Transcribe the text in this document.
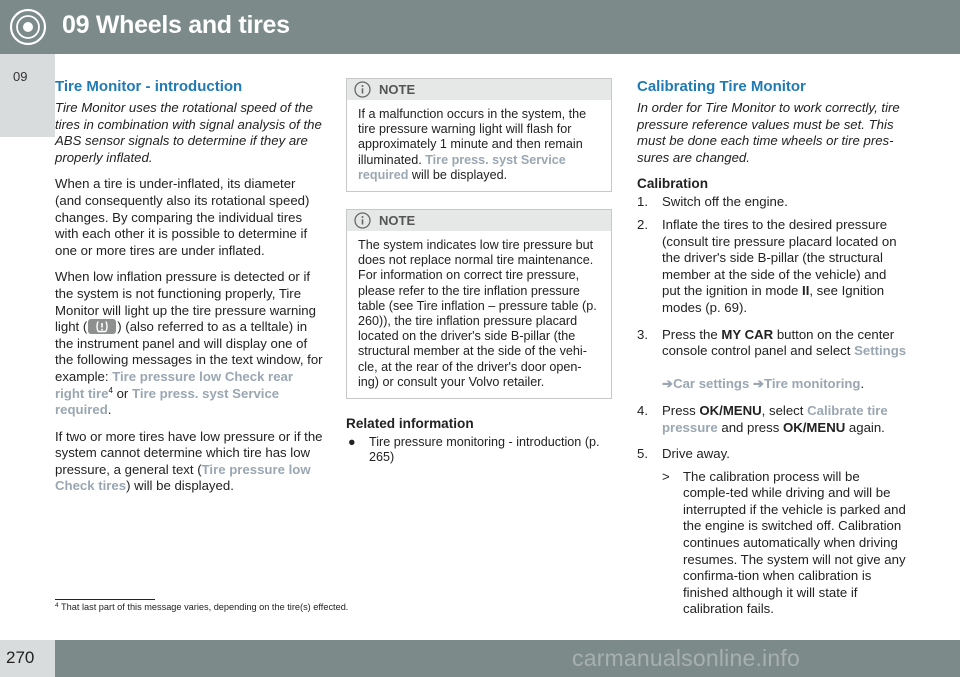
09 Wheels and tires
09
Tire Monitor - introduction

Tire Monitor uses the rotational speed of the tires in combination with signal analysis of the ABS sensor signals to determine if they are properly inflated.

When a tire is under-inflated, its diameter (and consequently also its rotational speed) changes. By comparing the individual tires with each other it is possible to determine if one or more tires are under inflated.

When low inflation pressure is detected or if the system is not functioning properly, Tire Monitor will light up the tire pressure warning light ( ) (also referred to as a telltale) in the instrument panel and will display one of the following messages in the text window, for example: Tire pressure low Check rear right tire$^4$ or Tire press. syst Service required.

If two or more tires have low pressure or if the system cannot determine which tire has low pressure, a general text (Tire pressure low Check tires) will be displayed.

NOTE
If a malfunction occurs in the system, the tire pressure warning light will flash for approximately 1 minute and then remain illuminated. Tire press. syst Service required will be displayed.
NOTE
The system indicates low tire pressure but does not replace normal tire maintenance. For information on correct tire pressure, please refer to the tire inflation pressure table (see Tire inflation – pressure table (p. 260)), the tire inflation pressure placard located on the driver's side B-pillar (the structural member at the side of the vehi-cle, at the rear of the driver's door open-ing) or consult your Volvo retailer.
Related information
●	Tire pressure monitoring - introduction (p. 265)
Calibrating Tire Monitor

In order for Tire Monitor to work correctly, tire pressure reference values must be set. This must be done each time wheels or tire pres-sures are changed.

Calibration
1.	Switch off the engine.
2.	Inflate the tires to the desired pressure (consult tire pressure placard located on the driver's side B-pillar (the structural member at the side of the vehicle) and put the ignition in mode II, see Ignition modes (p. 69).
3.	Press the MY CAR button on the center console control panel and select Settings

➔Car settings ➔Tire monitoring.
4.	Press OK/MENU, select Calibrate tire pressure and press OK/MENU again.
5.	Drive away.
>	The calibration process will be comple-ted while driving and will be interrupted if the vehicle is parked and the engine is switched off. Calibration continues automatically when driving resumes. The system will not give any confirma-tion when calibration is finished although it will state if calibration fails.
$^4$ That last part of this message varies, depending on the tire(s) effected.
270	carmanualsonline.info
